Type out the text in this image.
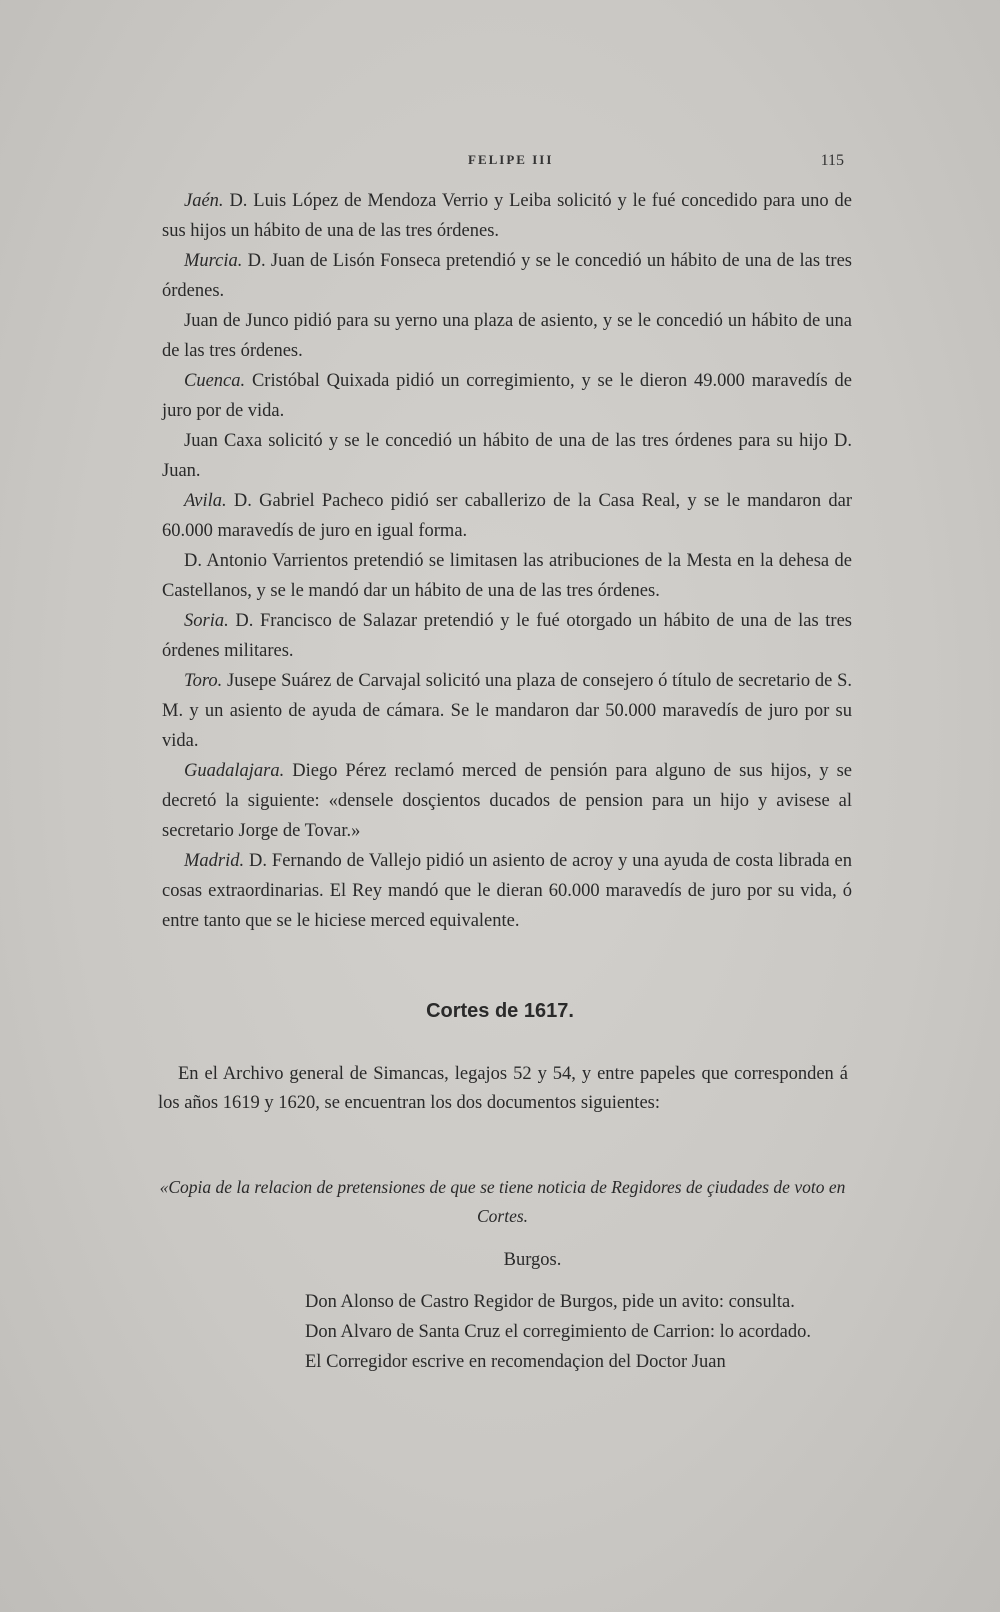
FELIPE III	115

Jaén. D. Luis López de Mendoza Verrio y Leiba solicitó y le fué concedido para uno de sus hijos un hábito de una de las tres órdenes.

Murcia. D. Juan de Lisón Fonseca pretendió y se le concedió un hábito de una de las tres órdenes.

Juan de Junco pidió para su yerno una plaza de asiento, y se le concedió un hábito de una de las tres órdenes.

Cuenca. Cristóbal Quixada pidió un corregimiento, y se le dieron 49.000 maravedís de juro por de vida.

Juan Caxa solicitó y se le concedió un hábito de una de las tres órdenes para su hijo D. Juan.

Avila. D. Gabriel Pacheco pidió ser caballerizo de la Casa Real, y se le mandaron dar 60.000 maravedís de juro en igual forma.

D. Antonio Varrientos pretendió se limitasen las atribuciones de la Mesta en la dehesa de Castellanos, y se le mandó dar un hábito de una de las tres órdenes.

Soria. D. Francisco de Salazar pretendió y le fué otorgado un hábito de una de las tres órdenes militares.

Toro. Jusepe Suárez de Carvajal solicitó una plaza de consejero ó título de secretario de S. M. y un asiento de ayuda de cámara. Se le mandaron dar 50.000 maravedís de juro por su vida.

Guadalajara. Diego Pérez reclamó merced de pensión para alguno de sus hijos, y se decretó la siguiente: «densele dosçientos ducados de pension para un hijo y avisese al secretario Jorge de Tovar.»

Madrid. D. Fernando de Vallejo pidió un asiento de acroy y una ayuda de costa librada en cosas extraordinarias. El Rey mandó que le dieran 60.000 maravedís de juro por su vida, ó entre tanto que se le hiciese merced equivalente.

Cortes de 1617.

En el Archivo general de Simancas, legajos 52 y 54, y entre papeles que corresponden á los años 1619 y 1620, se encuentran los dos documentos siguientes:

«Copia de la relacion de pretensiones de que se tiene noticia de Regidores de çiudades de voto en Cortes.
Burgos.

Don Alonso de Castro Regidor de Burgos, pide un avito: consulta.

Don Alvaro de Santa Cruz el corregimiento de Carrion: lo acordado.

El Corregidor escrive en recomendaçion del Doctor Juan
